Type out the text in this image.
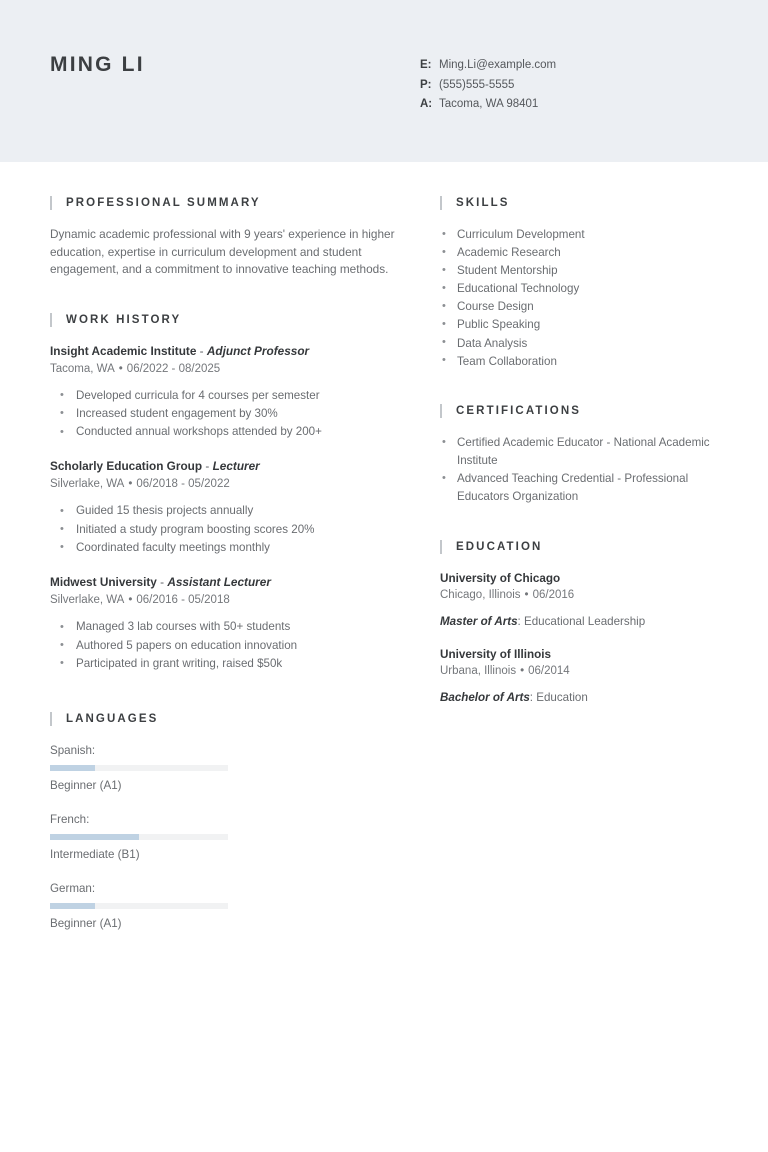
MING LI	E: Ming.Li@example.com
P: (555)555-5555
A: Tacoma, WA 98401
PROFESSIONAL SUMMARY
Dynamic academic professional with 9 years' experience in higher education, expertise in curriculum development and student engagement, and a commitment to innovative teaching methods.
WORK HISTORY
Insight Academic Institute - Adjunct Professor
Tacoma, WA • 06/2022 - 08/2025
• Developed curricula for 4 courses per semester
• Increased student engagement by 30%
• Conducted annual workshops attended by 200+
Scholarly Education Group - Lecturer
Silverlake, WA • 06/2018 - 05/2022
• Guided 15 thesis projects annually
• Initiated a study program boosting scores 20%
• Coordinated faculty meetings monthly
Midwest University - Assistant Lecturer
Silverlake, WA • 06/2016 - 05/2018
• Managed 3 lab courses with 50+ students
• Authored 5 papers on education innovation
• Participated in grant writing, raised $50k
LANGUAGES
Spanish:
Beginner (A1)
French:
Intermediate (B1)
German:
Beginner (A1)
SKILLS
• Curriculum Development
• Academic Research
• Student Mentorship
• Educational Technology
• Course Design
• Public Speaking
• Data Analysis
• Team Collaboration
CERTIFICATIONS
• Certified Academic Educator - National Academic Institute
• Advanced Teaching Credential - Professional Educators Organization
EDUCATION
University of Chicago
Chicago, Illinois • 06/2016
Master of Arts: Educational Leadership
University of Illinois
Urbana, Illinois • 06/2014
Bachelor of Arts: Education
